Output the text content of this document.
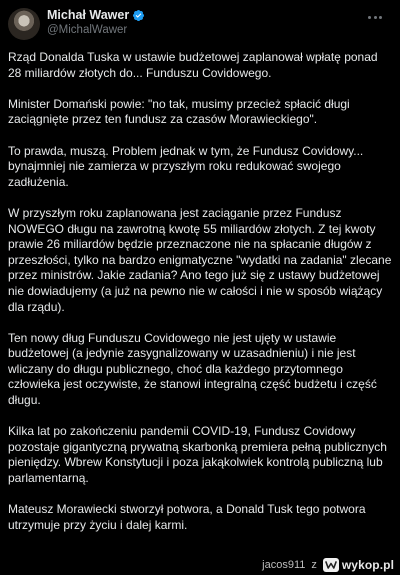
Michał Wawer
@MichalWawer

Rząd Donalda Tuska w ustawie budżetowej zaplanował wpłatę ponad 28 miliardów złotych do... Funduszu Covidowego.

Minister Domański powie: "no tak, musimy przecież spłacić długi zaciągnięte przez ten fundusz za czasów Morawieckiego".

To prawda, muszą. Problem jednak w tym, że Fundusz Covidowy... bynajmniej nie zamierza w przyszłym roku redukować swojego zadłużenia.

W przyszłym roku zaplanowana jest zaciąganie przez Fundusz NOWEGO długu na zawrotną kwotę 55 miliardów złotych. Z tej kwoty prawie 26 miliardów będzie przeznaczone nie na spłacanie długów z przeszłości, tylko na bardzo enigmatyczne "wydatki na zadania" zlecane przez ministrów. Jakie zadania? Ano tego już się z ustawy budżetowej nie dowiadujemy (a już na pewno nie w całości i nie w sposób wiążący dla rządu).

Ten nowy dług Funduszu Covidowego nie jest ujęty w ustawie budżetowej (a jedynie zasygnalizowany w uzasadnieniu) i nie jest wliczany do długu publicznego, choć dla każdego przytomnego człowieka jest oczywiste, że stanowi integralną część budżetu i część długu.

Kilka lat po zakończeniu pandemii COVID-19, Fundusz Covidowy pozostaje gigantyczną prywatną skarbonką premiera pełną publicznych pieniędzy. Wbrew Konstytucji i poza jakąkolwiek kontrolą publiczną lub parlamentarną.

Mateusz Morawiecki stworzył potwora, a Donald Tusk tego potwora utrzymuje przy życiu i dalej karmi.

jacos911 z wykop.pl
